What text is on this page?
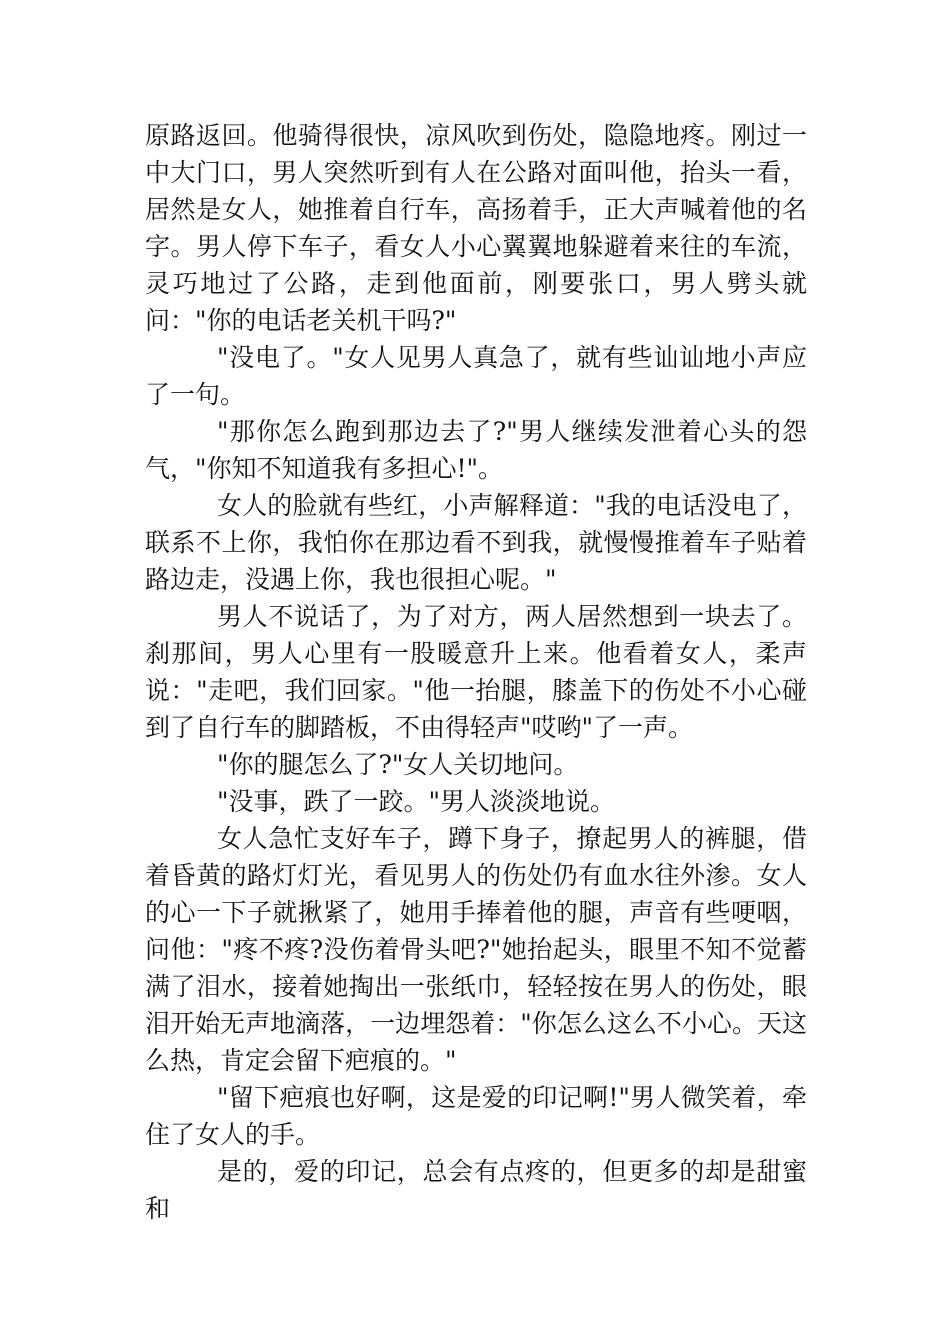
原路返回。他骑得很快，凉风吹到伤处，隐隐地疼。刚过一中大门口，男人突然听到有人在公路对面叫他，抬头一看，居然是女人，她推着自行车，高扬着手，正大声喊着他的名字。男人停下车子，看女人小心翼翼地躲避着来往的车流，灵巧地过了公路，走到他面前，刚要张口，男人劈头就问："你的电话老关机干吗?"

"没电了。"女人见男人真急了，就有些讪讪地小声应了一句。

"那你怎么跑到那边去了?"男人继续发泄着心头的怨气，"你知不知道我有多担心!"。

女人的脸就有些红，小声解释道："我的电话没电了，联系不上你，我怕你在那边看不到我，就慢慢推着车子贴着路边走，没遇上你，我也很担心呢。"

男人不说话了，为了对方，两人居然想到一块去了。刹那间，男人心里有一股暖意升上来。他看着女人，柔声说："走吧，我们回家。"他一抬腿，膝盖下的伤处不小心碰到了自行车的脚踏板，不由得轻声"哎哟"了一声。

"你的腿怎么了?"女人关切地问。

"没事，跌了一跤。"男人淡淡地说。

女人急忙支好车子，蹲下身子，撩起男人的裤腿，借着昏黄的路灯灯光，看见男人的伤处仍有血水往外渗。女人的心一下子就揪紧了，她用手捧着他的腿，声音有些哽咽，问他："疼不疼?没伤着骨头吧?"她抬起头，眼里不知不觉蓄满了泪水，接着她掏出一张纸巾，轻轻按在男人的伤处，眼泪开始无声地滴落，一边埋怨着："你怎么这么不小心。天这么热，肯定会留下疤痕的。"

"留下疤痕也好啊，这是爱的印记啊!"男人微笑着，牵住了女人的手。

是的，爱的印记，总会有点疼的，但更多的却是甜蜜和
